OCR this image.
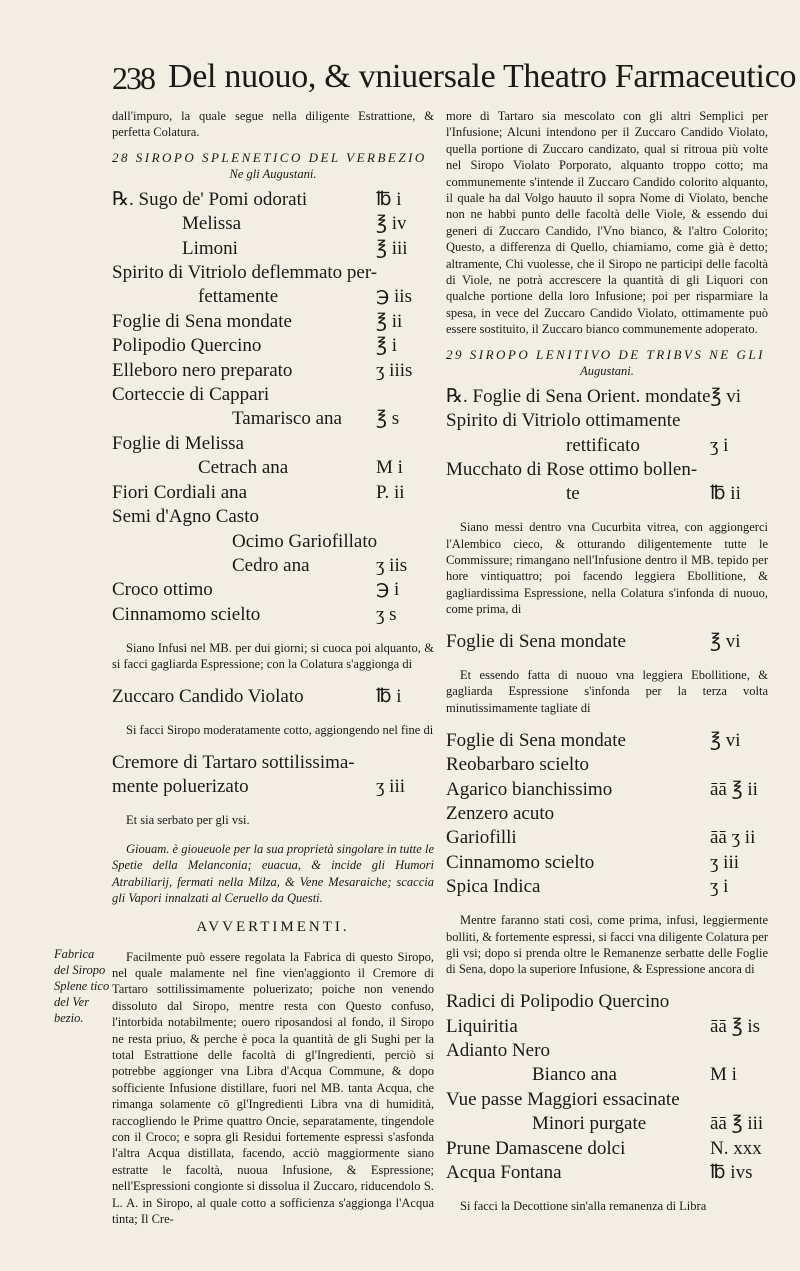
238 Del nuouo, & vniuersale Theatro Farmaceutico
Fabrica del Siropo Splene tico del Ver bezio.

dall'impuro, la quale segue nella diligente Estrattione, & perfetta Colatura.

28 SIROPO SPLENETICO DEL VERBEZIO
Ne gli Augustani.
℞. Sugo de' Pomi odorati	℔ i
Melissa	℥ iv
Limoni	℥ iii
Spirito di Vitriolo deflemmato per-
fettamente	℈ iis
Foglie di Sena mondate	℥ ii
Polipodio Quercino	℥ i
Elleboro nero preparato	ʒ iiis
Corteccie di Cappari
Tamarisco ana	℥ s
Foglie di Melissa
Cetrach ana	M i
Fiori Cordiali ana	P. ii
Semi d'Agno Casto
Ocimo Gariofillato
Cedro ana	ʒ iis
Croco ottimo	℈ i
Cinnamomo scielto	ʒ s

Siano Infusi nel MB. per dui giorni; si cuoca poi alquanto, & si facci gagliarda Espressione; con la Colatura s'aggionga di

Zuccaro Candido Violato	℔ i

Si facci Siropo moderatamente cotto, aggiongendo nel fine di

Cremore di Tartaro sottilissima-
mente poluerizato	ʒ iii

Et sia serbato per gli vsi.

Giouam. è gioueuole per la sua proprietà singolare in tutte le Spetie della Melanconia; euacua, & incide gli Humori Atrabiliarij, fermati nella Milza, & Vene Mesaraiche; scaccia gli Vapori innalzati al Ceruello da Questi.

AVVERTIMENTI.

Facilmente può essere regolata la Fabrica di questo Siropo, nel quale malamente nel fine vien'aggionto il Cremore di Tartaro sottilissimamente poluerizato; poiche non venendo dissoluto dal Siropo, mentre resta con Questo confuso, l'intorbida notabilmente; ouero riposandosi al fondo, il Siropo ne resta priuo, & perche è poca la quantità de gli Sughi per la total Estrattione delle facoltà di gl'Ingredienti, perciò si potrebbe aggionger vna Libra d'Acqua Commune, & dopo sofficiente Infusione distillare, fuori nel MB. tanta Acqua, che rimanga solamente cō gl'Ingredienti Libra vna di humidità, raccogliendo le Prime quattro Oncie, separatamente, tingendole con il Croco; e sopra gli Residui fortemente espressi s'asfonda l'altra Acqua distillata, facendo, acciò maggiormente siano estratte le facoltà, nuoua Infusione, & Espressione; nell'Espressioni congionte si dissolua il Zuccaro, riducendolo S. L. A. in Siropo, al quale cotto a sofficienza s'aggionga l'Acqua tinta; Il Cre-

more di Tartaro sia mescolato con gli altri Semplici per l'Infusione; Alcuni intendono per il Zuccaro Candido Violato, quella portione di Zuccaro candizato, qual si ritroua più volte nel Siropo Violato Porporato, alquanto troppo cotto; ma communemente s'intende il Zuccaro Candido colorito alquanto, il quale ha dal Volgo hauuto il sopra Nome di Violato, benche non ne habbi punto delle facoltà delle Viole, & essendo dui generi di Zuccaro Candido, l'Vno bianco, & l'altro Colorito; Questo, a differenza di Quello, chiamiamo, come già è detto; altramente, Chi vuolesse, che il Siropo ne participi delle facoltà di Viole, ne potrà accrescere la quantità di gli Liquori con qualche portione della loro Infusione; poi per risparmiare la spesa, in vece del Zuccaro Candido Violato, ottimamente può essere sostituito, il Zuccaro bianco communemente adoperato.

29 SIROPO LENITIVO DE TRIBVS NE GLI
Augustani.
℞. Foglie di Sena Orient. mondate ℥ vi
Spirito di Vitriolo ottimamente
rettificato	ʒ i
Mucchato di Rose ottimo bollen-
te	℔ ii

Siano messi dentro vna Cucurbita vitrea, con aggiongerci l'Alembico cieco, & otturando diligentemente tutte le Commissure; rimangano nell'Infusione dentro il MB. tepido per hore vintiquattro; poi facendo leggiera Ebollitione, & gagliardissima Espressione, nella Colatura s'infonda di nuouo, come prima, di

Foglie di Sena mondate	℥ vi

Et essendo fatta di nuouo vna leggiera Ebollitione, & gagliarda Espressione s'infonda per la terza volta minutissimamente tagliate di

Foglie di Sena mondate	℥ vi
Reobarbaro scielto
Agarico bianchissimo	āā ℥ ii
Zenzero acuto
Gariofilli	āā ʒ ii
Cinnamomo scielto	ʒ iii
Spica Indica	ʒ i

Mentre faranno stati così, come prima, infusi, leggiermente bolliti, & fortemente espressi, si facci vna diligente Colatura per gli vsi; dopo si prenda oltre le Remanenze serbatte delle Foglie di Sena, dopo la superiore Infusione, & Espressione ancora di

Radici di Polipodio Quercino
Liquiritia	āā ℥ is
Adianto Nero
Bianco ana	M i
Vue passe Maggiori essacinate
Minori purgate	āā ℥ iii
Prune Damascene dolci	N. xxx
Acqua Fontana	℔ ivs

Si facci la Decottione sin'alla remanenza di Libra
